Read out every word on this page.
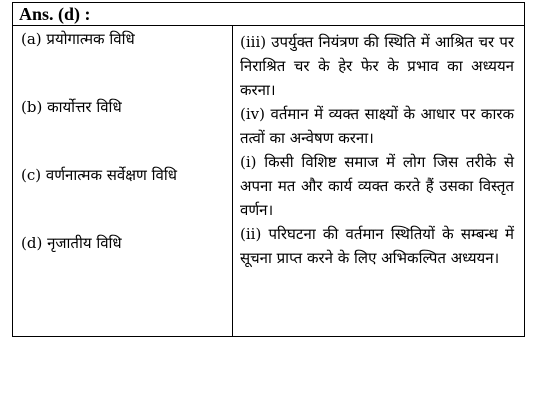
Ans. (d) :
(a) प्रयोगात्मक विधि
(b) कार्योत्तर विधि
(c) वर्णनात्मक सर्वेक्षण विधि
(d) नृजातीय विधि

(iii) उपर्युक्त नियंत्रण की स्थिति में आश्रित चर पर निराश्रित चर के हेर फेर के प्रभाव का अध्ययन करना।

(iv) वर्तमान में व्यक्त साक्ष्यों के आधार पर कारक तत्वों का अन्वेषण करना।

(i) किसी विशिष्ट समाज में लोग जिस तरीके से अपना मत और कार्य व्यक्त करते हैं उसका विस्तृत वर्णन।

(ii) परिघटना की वर्तमान स्थितियों के सम्बन्ध में सूचना प्राप्त करने के लिए अभिकल्पित अध्ययन।
